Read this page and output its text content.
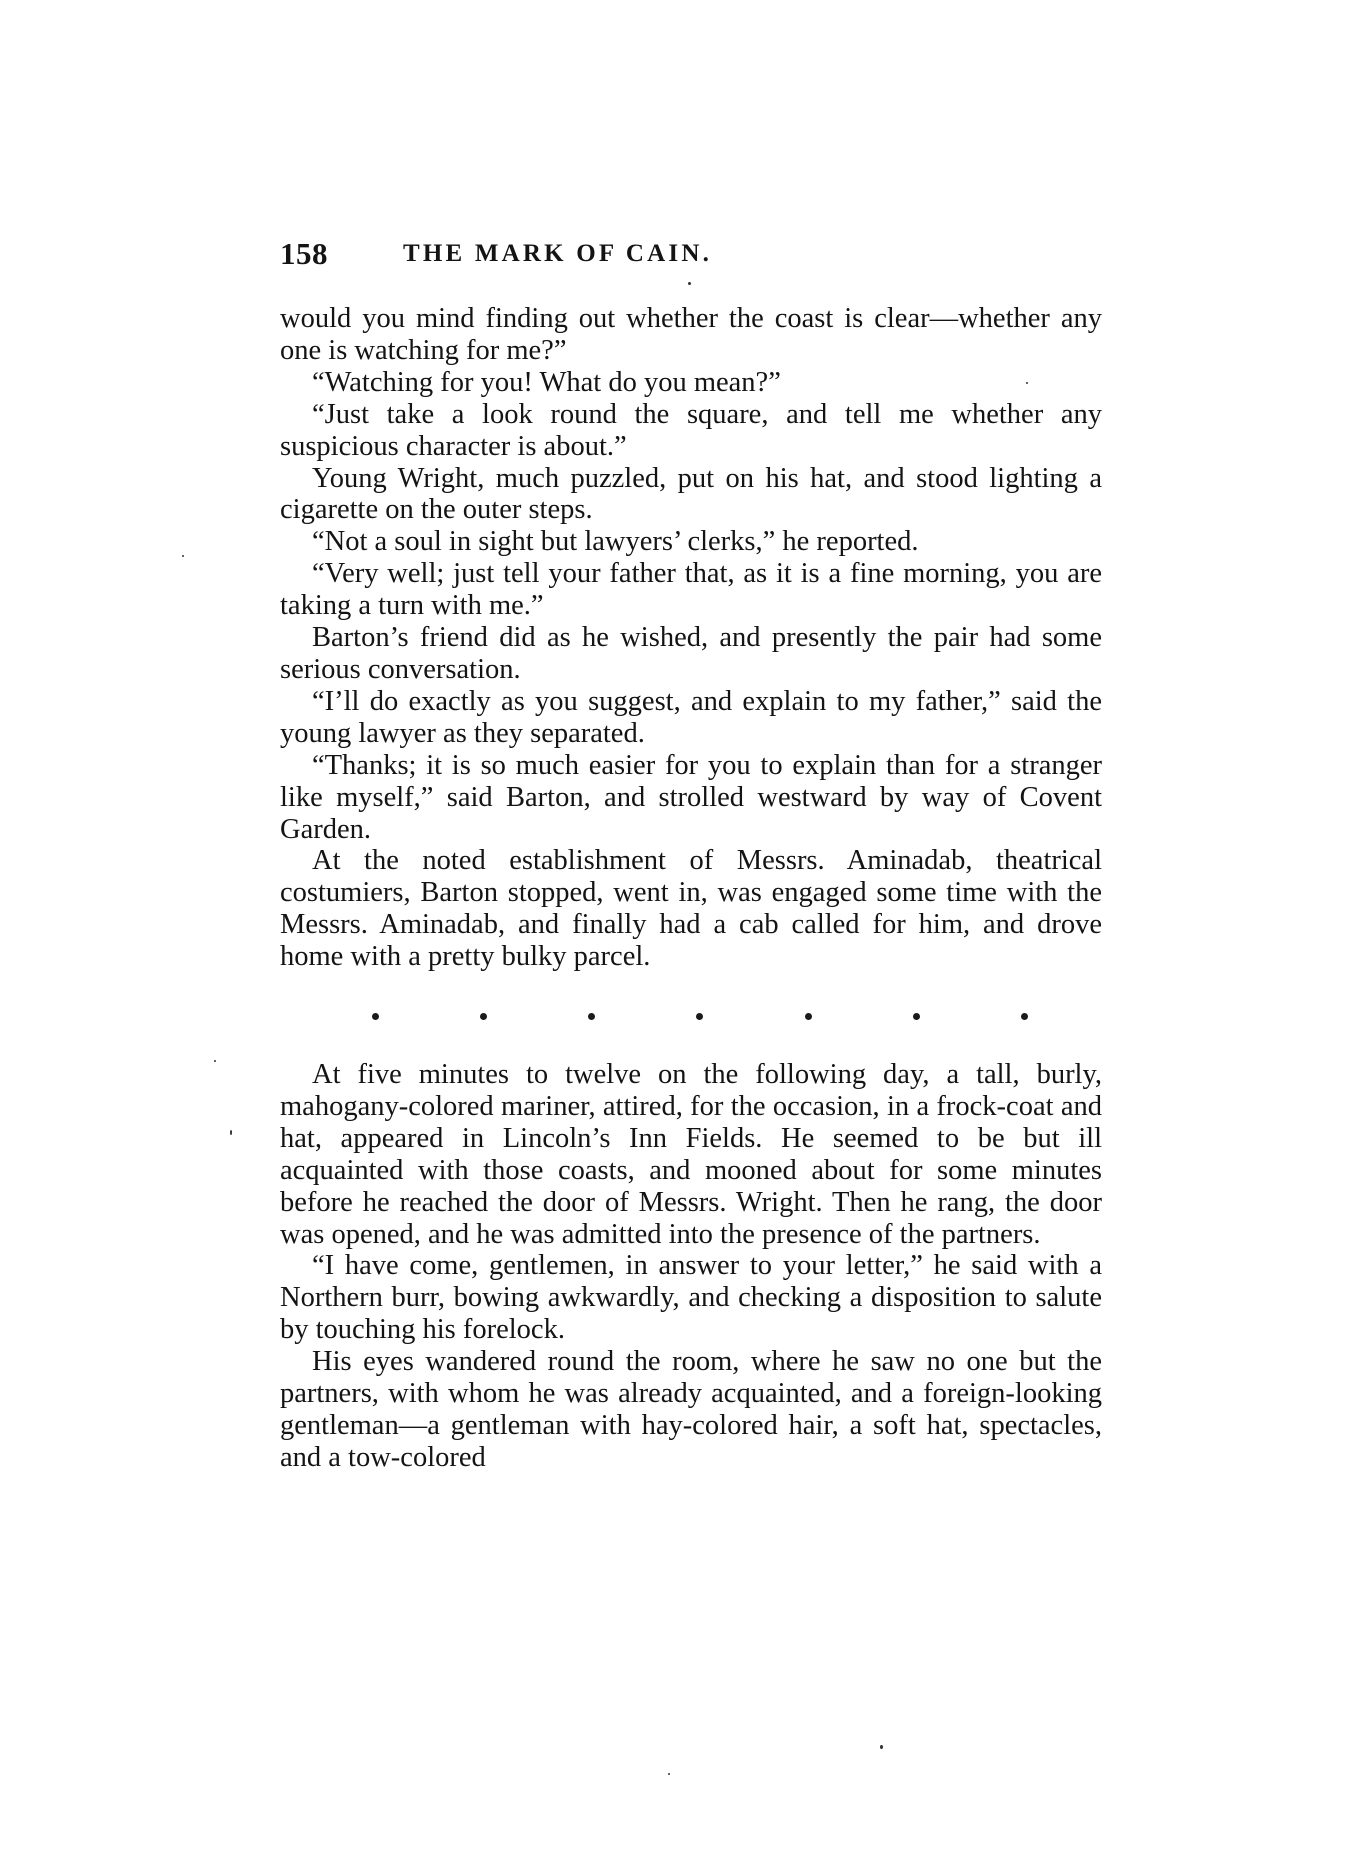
158	THE MARK OF CAIN.

would you mind finding out whether the coast is clear—whether any one is watching for me?”

“Watching for you! What do you mean?”

“Just take a look round the square, and tell me whether any suspicious character is about.”

Young Wright, much puzzled, put on his hat, and stood lighting a cigarette on the outer steps.

“Not a soul in sight but lawyers’ clerks,” he reported.

“Very well; just tell your father that, as it is a fine morning, you are taking a turn with me.”

Barton’s friend did as he wished, and presently the pair had some serious conversation.

“I’ll do exactly as you suggest, and explain to my father,” said the young lawyer as they separated.

“Thanks; it is so much easier for you to explain than for a stranger like myself,” said Barton, and strolled westward by way of Covent Garden.

At the noted establishment of Messrs. Aminadab, theatrical costumiers, Barton stopped, went in, was engaged some time with the Messrs. Aminadab, and finally had a cab called for him, and drove home with a pretty bulky parcel.

At five minutes to twelve on the following day, a tall, burly, mahogany-colored mariner, attired, for the occasion, in a frock-coat and hat, appeared in Lincoln’s Inn Fields. He seemed to be but ill acquainted with those coasts, and mooned about for some minutes before he reached the door of Messrs. Wright. Then he rang, the door was opened, and he was admitted into the presence of the partners.

“I have come, gentlemen, in answer to your letter,” he said with a Northern burr, bowing awkwardly, and checking a disposition to salute by touching his forelock.

His eyes wandered round the room, where he saw no one but the partners, with whom he was already acquainted, and a foreign-looking gentleman—a gentleman with hay-colored hair, a soft hat, spectacles, and a tow-colored
